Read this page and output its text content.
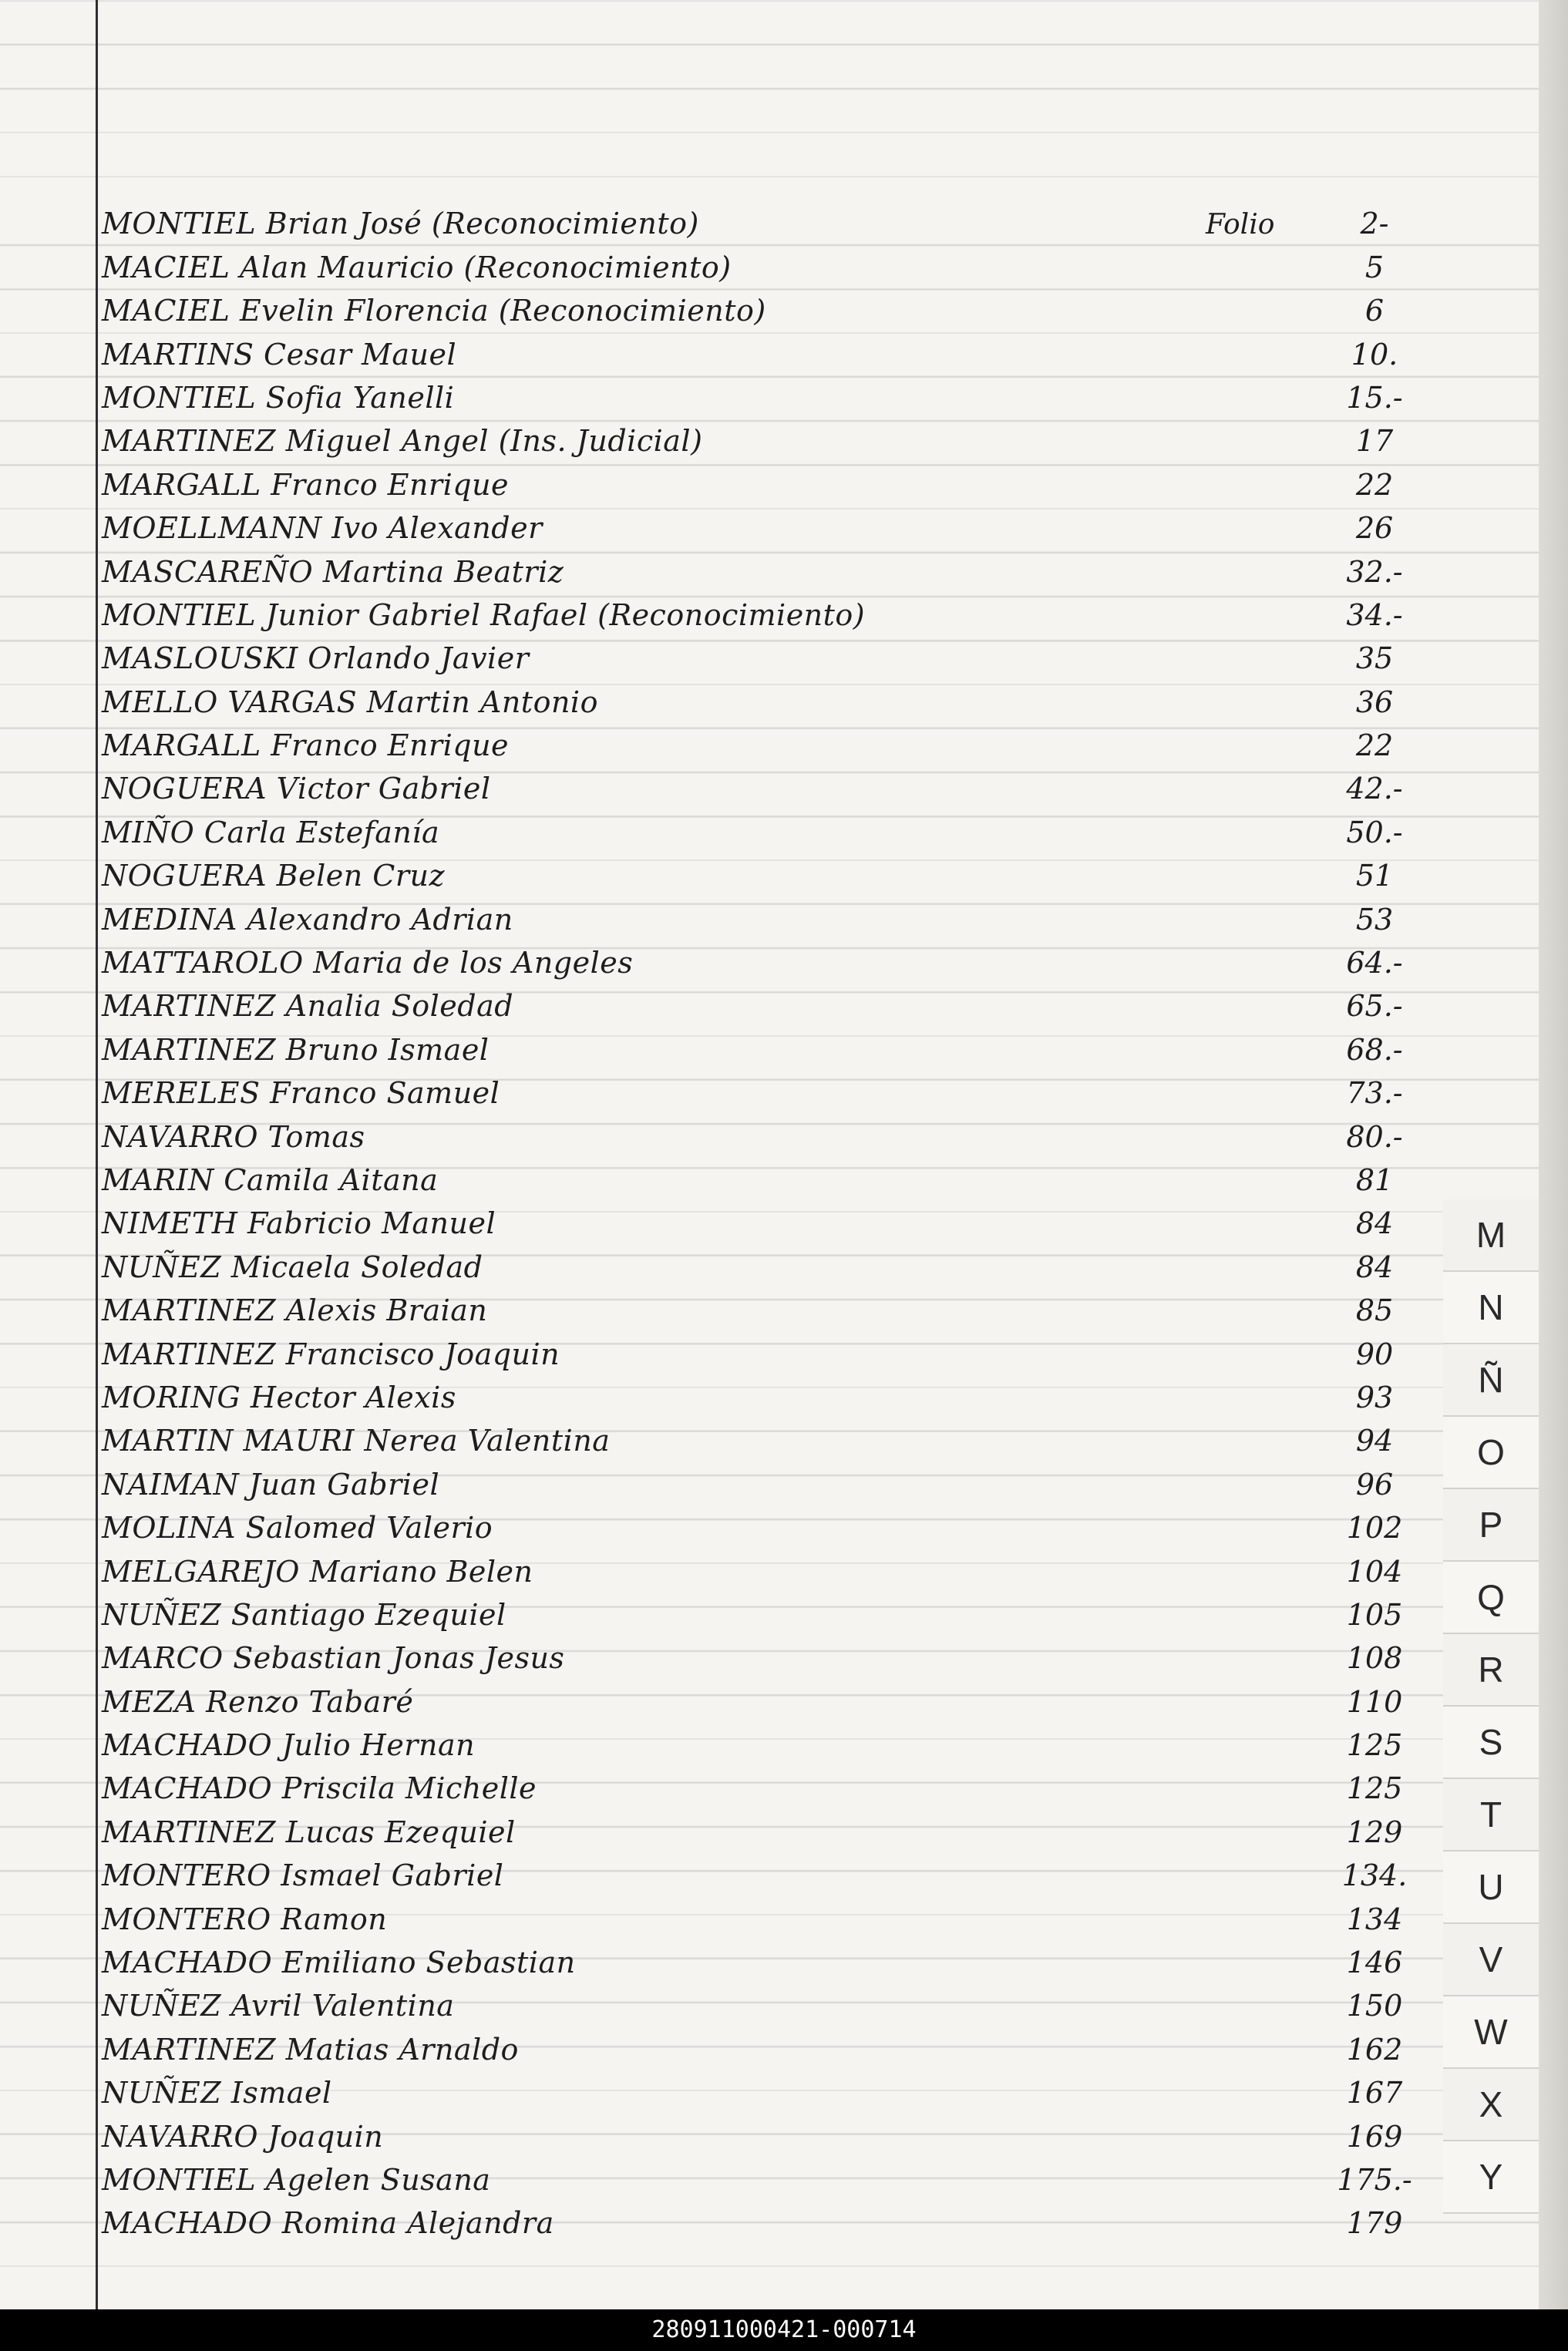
MONTIEL Brian José (Reconocimiento)	Folio	2-
MACIEL Alan Mauricio (Reconocimiento)	5
MACIEL Evelin Florencia (Reconocimiento)	6
MARTINS Cesar Mauel	10.
MONTIEL Sofia Yanelli	15.-
MARTINEZ Miguel Angel (Ins. Judicial)	17
MARGALL Franco Enrique	22
MOELLMANN Ivo Alexander	26
MASCAREÑO Martina Beatriz	32.-
MONTIEL Junior Gabriel Rafael (Reconocimiento)	34.-
MASLOUSKI Orlando Javier	35
MELLO VARGAS Martin Antonio	36
MARGALL Franco Enrique	22
NOGUERA Victor Gabriel	42.-
MIÑO Carla Estefanía	50.-
NOGUERA Belen Cruz	51
MEDINA Alexandro Adrian	53
MATTAROLO Maria de los Angeles	64.-
MARTINEZ Analia Soledad	65.-
MARTINEZ Bruno Ismael	68.-
MERELES Franco Samuel	73.-
NAVARRO Tomas	80.-
MARIN Camila Aitana	81
NIMETH Fabricio Manuel	84
NUÑEZ Micaela Soledad	84
MARTINEZ Alexis Braian	85
MARTINEZ Francisco Joaquin	90
MORING Hector Alexis	93
MARTIN MAURI Nerea Valentina	94
NAIMAN Juan Gabriel	96
MOLINA Salomed Valerio	102
MELGAREJO Mariano Belen	104
NUÑEZ Santiago Ezequiel	105
MARCO Sebastian Jonas Jesus	108
MEZA Renzo Tabaré	110
MACHADO Julio Hernan	125
MACHADO Priscila Michelle	125
MARTINEZ Lucas Ezequiel	129
MONTERO Ismael Gabriel	134.
MONTERO Ramon	134
MACHADO Emiliano Sebastian	146
NUÑEZ Avril Valentina	150
MARTINEZ Matias Arnaldo	162
NUÑEZ Ismael	167
NAVARRO Joaquin	169
MONTIEL Agelen Susana	175.-
MACHADO Romina Alejandra	179
M
N
Ñ
O
P
Q
R
S
T
U
V
W
X
Y
280911000421-000714
